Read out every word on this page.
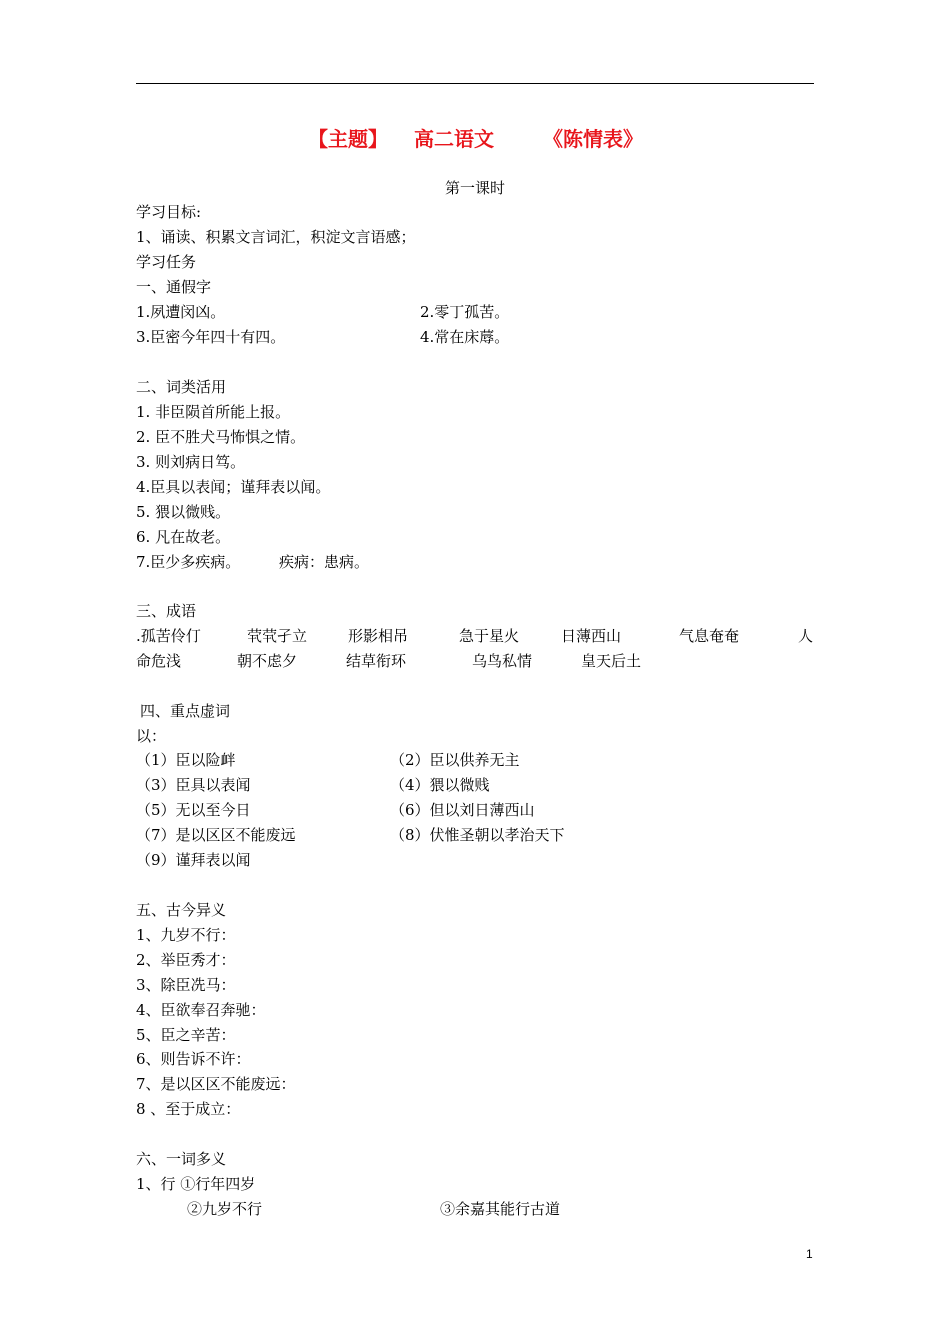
【主题】 高二语文 《陈情表》
第一课时
学习目标:
1、诵读、积累文言词汇，积淀文言语感；
学习任务
一、通假字
1.夙遭闵凶。	2.零丁孤苦。
3.臣密今年四十有四。	4.常在床蓐。
二、词类活用
1. 非臣陨首所能上报。
2. 臣不胜犬马怖惧之情。
3. 则刘病日笃。
4.臣具以表闻；谨拜表以闻。
5. 猥以微贱。
6. 凡在故老。
7.臣少多疾病。	疾病：患病。
三、成语
.孤苦伶仃	茕茕孑立	形影相吊	急于星火	日薄西山	气息奄奄	人
命危浅	朝不虑夕	结草衔环	乌鸟私情	皇天后土
四、重点虚词
以：
（1）臣以险衅	（2）臣以供养无主
（3）臣具以表闻	（4）猥以微贱
（5）无以至今日	（6）但以刘日薄西山
（7）是以区区不能废远	（8）伏惟圣朝以孝治天下
（9）谨拜表以闻
五、古今异义
1、九岁不行：
2、举臣秀才：
3、除臣冼马：
4、臣欲奉召奔驰：
5、臣之辛苦：
6、则告诉不许：
7、是以区区不能废远：
8 、至于成立：
六、一词多义
1、行 ①行年四岁
②九岁不行	③余嘉其能行古道
1
